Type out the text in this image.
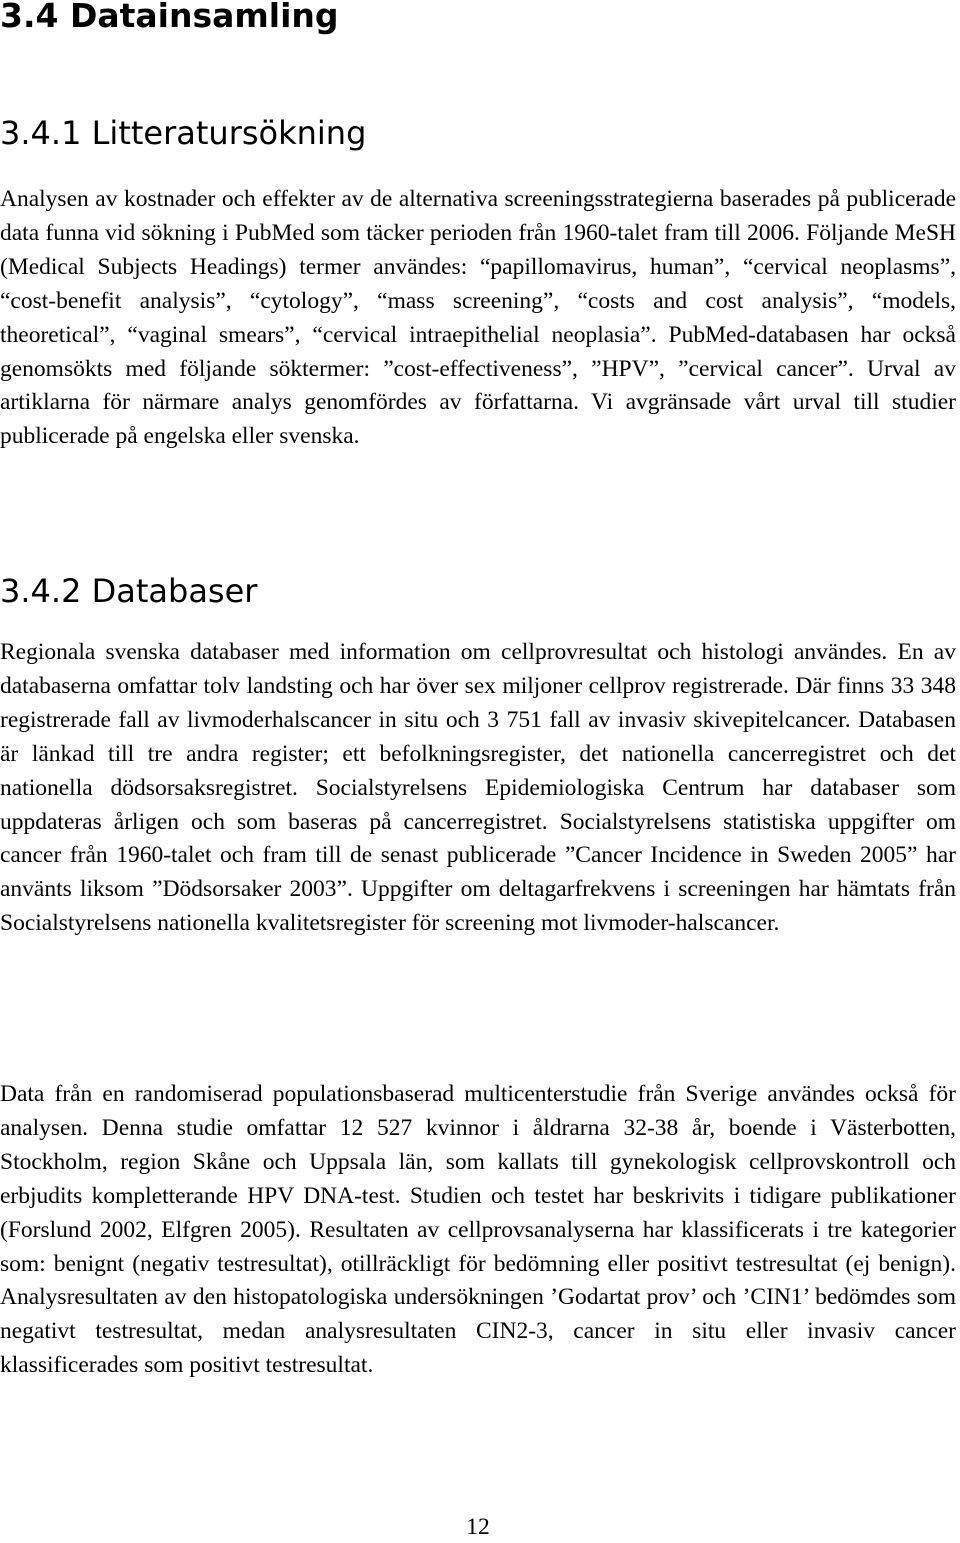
3.4 Datainsamling
3.4.1 Litteratursökning

Analysen av kostnader och effekter av de alternativa screeningsstrategierna baserades på publicerade data funna vid sökning i PubMed som täcker perioden från 1960-talet fram till 2006. Följande MeSH (Medical Subjects Headings) termer användes: “papillomavirus, human”, “cervical neoplasms”, “cost-benefit analysis”, “cytology”, “mass screening”, “costs and cost analysis”, “models, theoretical”, “vaginal smears”, “cervical intraepithelial neoplasia”. PubMed-databasen har också genomsökts med följande söktermer: ”cost-effectiveness”, ”HPV”, ”cervical cancer”. Urval av artiklarna för närmare analys genomfördes av författarna. Vi avgränsade vårt urval till studier publicerade på engelska eller svenska.

3.4.2 Databaser

Regionala svenska databaser med information om cellprovresultat och histologi användes. En av databaserna omfattar tolv landsting och har över sex miljoner cellprov registrerade. Där finns 33 348 registrerade fall av livmoderhalscancer in situ och 3 751 fall av invasiv skivepitelcancer. Databasen är länkad till tre andra register; ett befolkningsregister, det nationella cancerregistret och det nationella dödsorsaksregistret. Socialstyrelsens Epidemiologiska Centrum har databaser som uppdateras årligen och som baseras på cancerregistret. Socialstyrelsens statistiska uppgifter om cancer från 1960-talet och fram till de senast publicerade ”Cancer Incidence in Sweden 2005” har använts liksom ”Dödsorsaker 2003”. Uppgifter om deltagarfrekvens i screeningen har hämtats från Socialstyrelsens nationella kvalitetsregister för screening mot livmoder-halscancer.

Data från en randomiserad populationsbaserad multicenterstudie från Sverige användes också för analysen. Denna studie omfattar 12 527 kvinnor i åldrarna 32-38 år, boende i Västerbotten, Stockholm, region Skåne och Uppsala län, som kallats till gynekologisk cellprovskontroll och erbjudits kompletterande HPV DNA-test. Studien och testet har beskrivits i tidigare publikationer (Forslund 2002, Elfgren 2005). Resultaten av cellprovsanalyserna har klassificerats i tre kategorier som: benignt (negativ testresultat), otillräckligt för bedömning eller positivt testresultat (ej benign). Analysresultaten av den histopatologiska undersökningen ’Godartat prov’ och ’CIN1’ bedömdes som negativt testresultat, medan analysresultaten CIN2-3, cancer in situ eller invasiv cancer klassificerades som positivt testresultat.

12
